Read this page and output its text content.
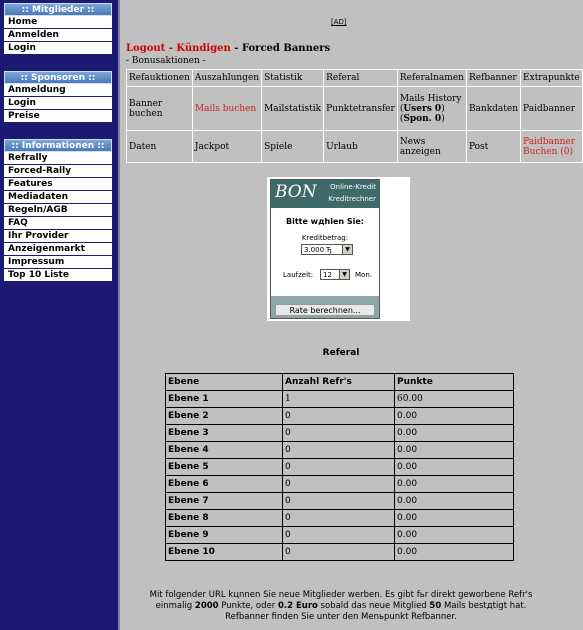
:: Mitglieder ::
Home
Anmelden
Login
:: Sponsoren ::
Anmeldung
Login
Preise
:: Informationen ::
Refrally
Forced-Rally
Features
Mediadaten
Regeln/AGB
FAQ
Ihr Provider
Anzeigenmarkt
Impressum
Top 10 Liste
[AD]
Logout - Kündigen - Forced Banners
- Bonusaktionen -
Refauktionen	Auszahlungen	Statistik	Referal	Referalnamen	Refbanner	Extrapunkte
Banner buchen	Mails buchen	Mailstatistik	Punktetransfer	Mails History (Users 0) (Spon. 0)	Bankdaten	Paidbanner
Daten	Jackpot	Spiele	Urlaub	News anzeigen	Post	Paidbanner Buchen (0)
BON Online-Kredit
Kreditrechner
Bitte wдhlen Sie:
Kreditbetrag:
3.000 Ђ	▼
Laufzeit:	12	▼	Mon.
Rate berechnen...
Referal
Ebene	Anzahl Refr's	Punkte
Ebene 1	1	60.00
Ebene 2	0	0.00
Ebene 3	0	0.00
Ebene 4	0	0.00
Ebene 5	0	0.00
Ebene 6	0	0.00
Ebene 7	0	0.00
Ebene 8	0	0.00
Ebene 9	0	0.00
Ebene 10	0	0.00
Mit folgender URL kцnnen Sie neue Mitglieder werben. Es gibt fьr direkt geworbene Refr's
einmalig 2000 Punkte, oder 0.2 Euro sobald das neue Mitglied 50 Mails bestдtigt hat.
Refbanner finden Sie unter den Menьpunkt Refbanner.
